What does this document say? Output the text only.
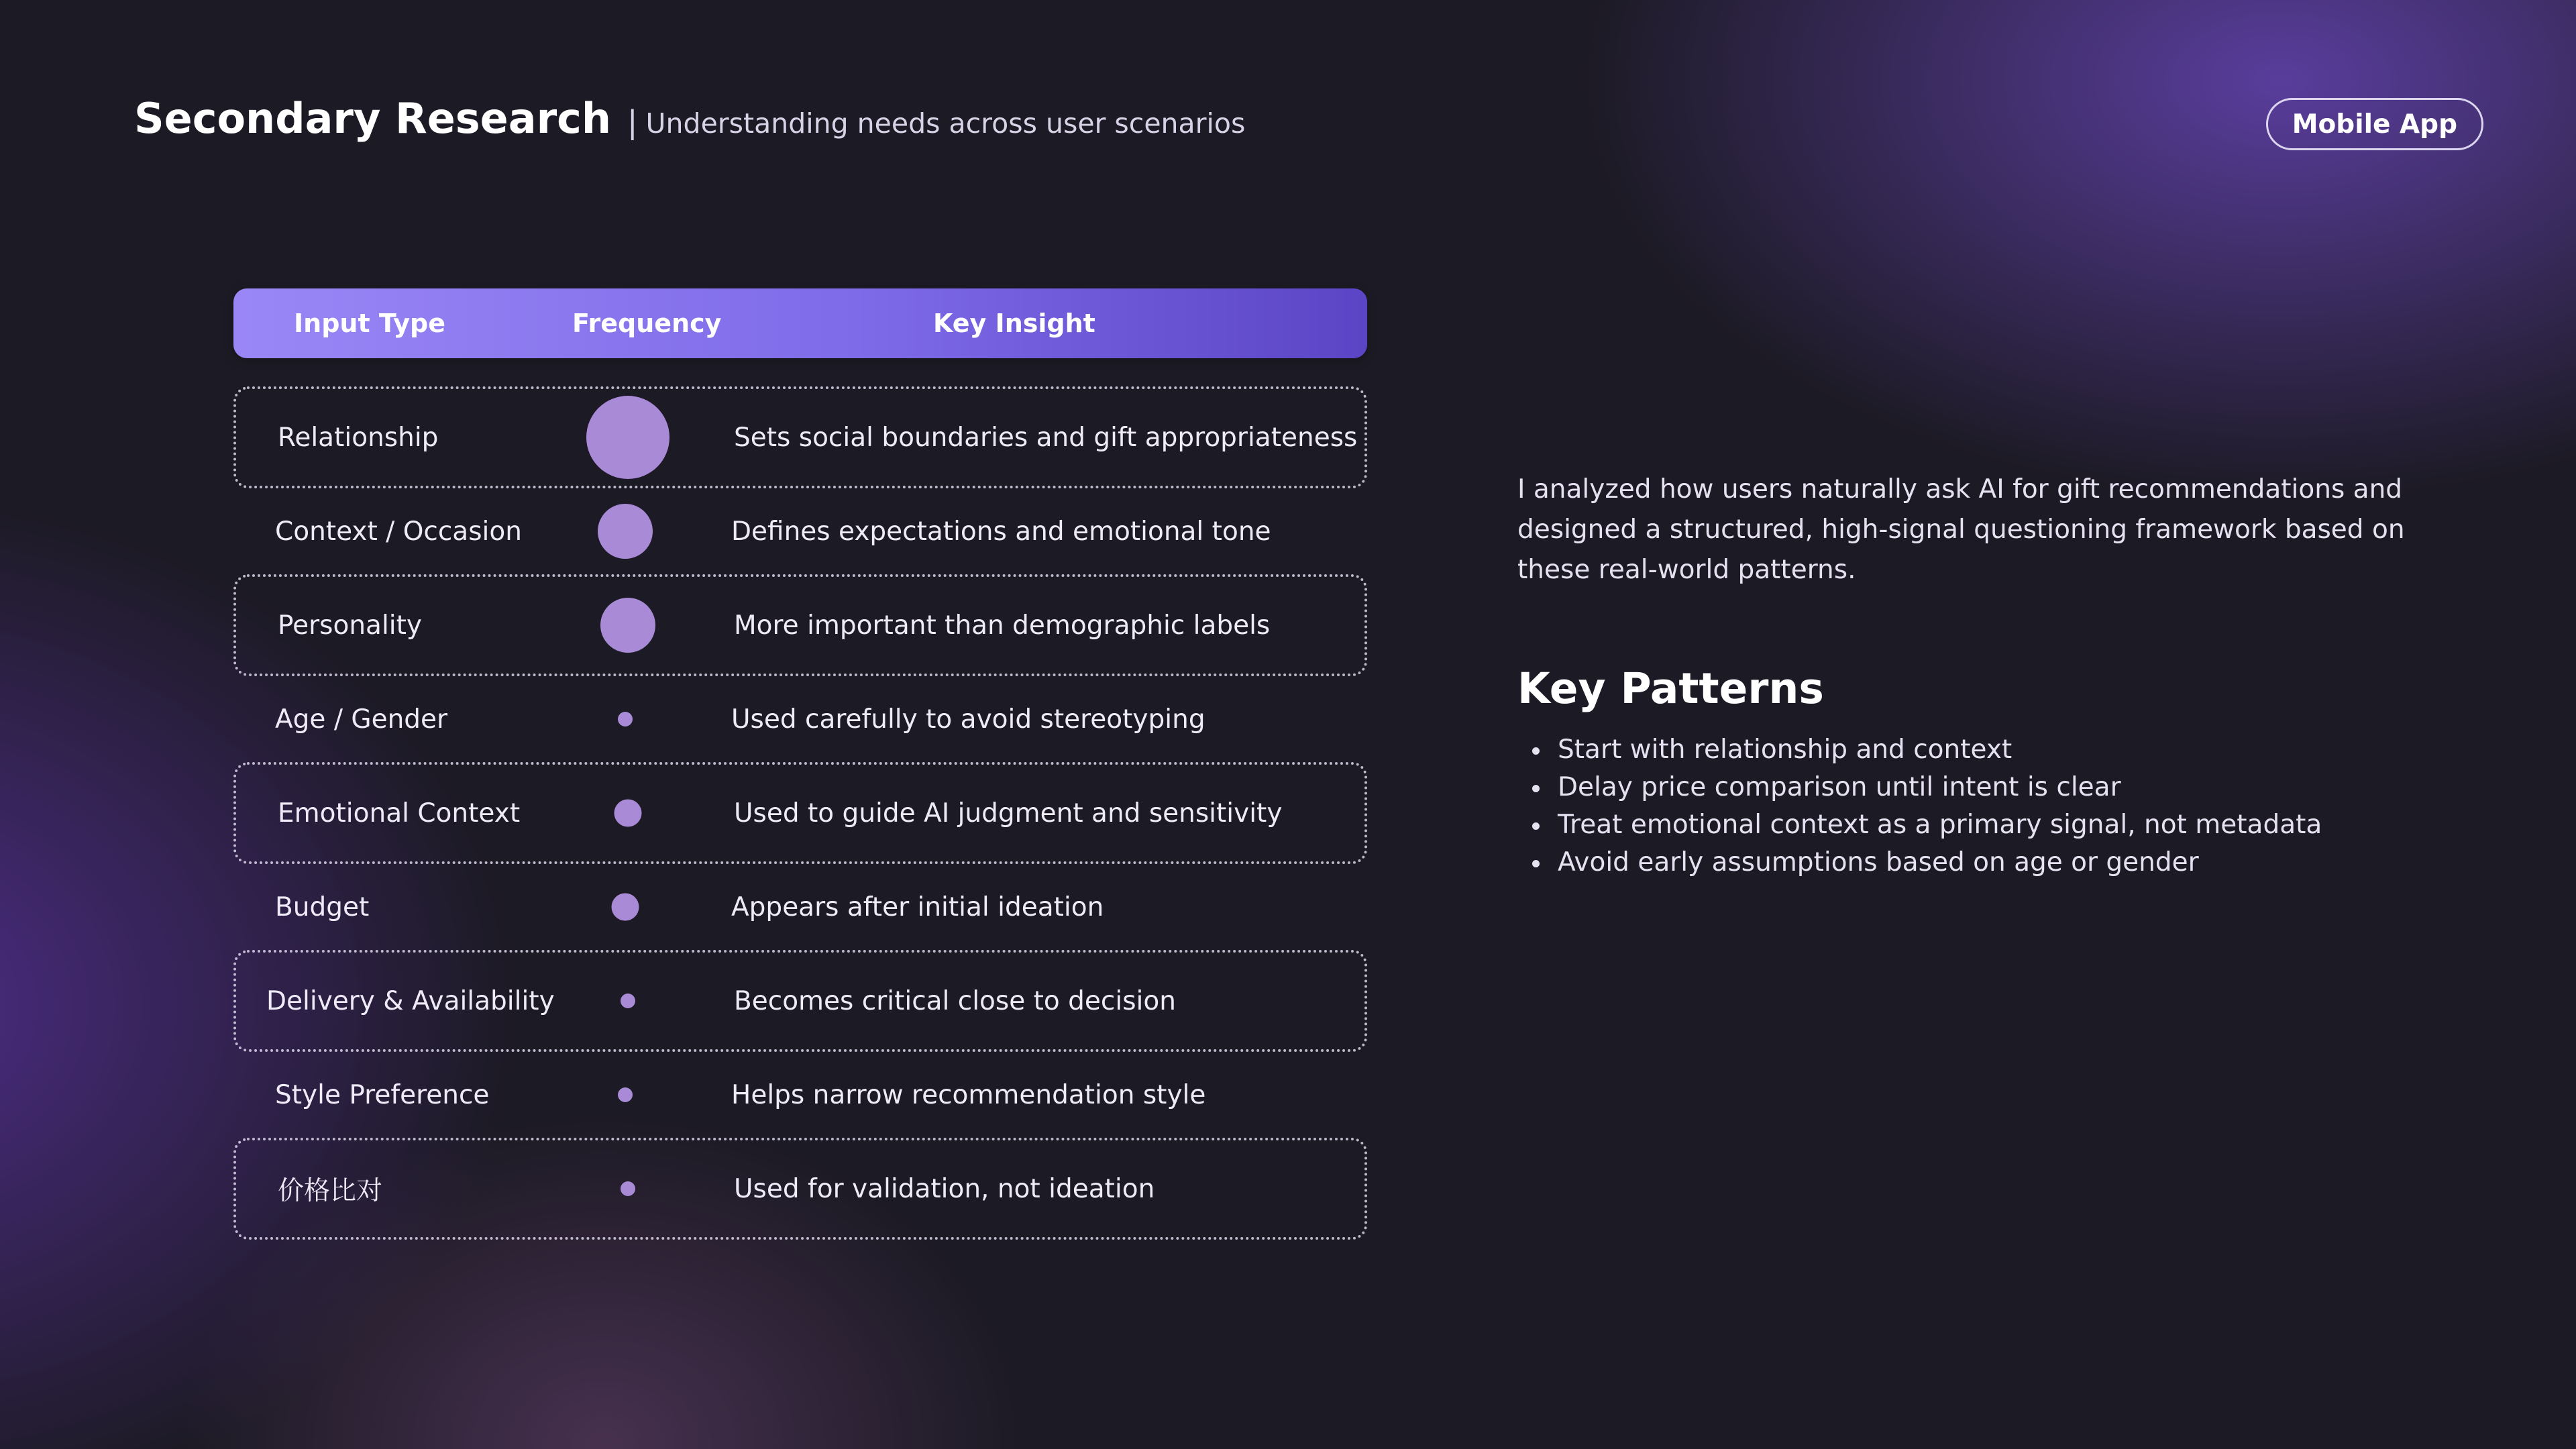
Secondary Research | Understanding needs across user scenarios	Mobile App
Input Type	Frequency	Key Insight
Relationship	Sets social boundaries and gift appropriateness
Context / Occasion	Defines expectations and emotional tone
Personality	More important than demographic labels
Age / Gender	Used carefully to avoid stereotyping
Emotional Context	Used to guide AI judgment and sensitivity
Budget	Appears after initial ideation
Delivery & Availability	Becomes critical close to decision
Style Preference	Helps narrow recommendation style
价格比对	Used for validation, not ideation
I analyzed how users naturally ask AI for gift recommendations and designed a structured, high-signal questioning framework based on these real-world patterns.
Key Patterns
Start with relationship and context
Delay price comparison until intent is clear
Treat emotional context as a primary signal, not metadata
Avoid early assumptions based on age or gender
